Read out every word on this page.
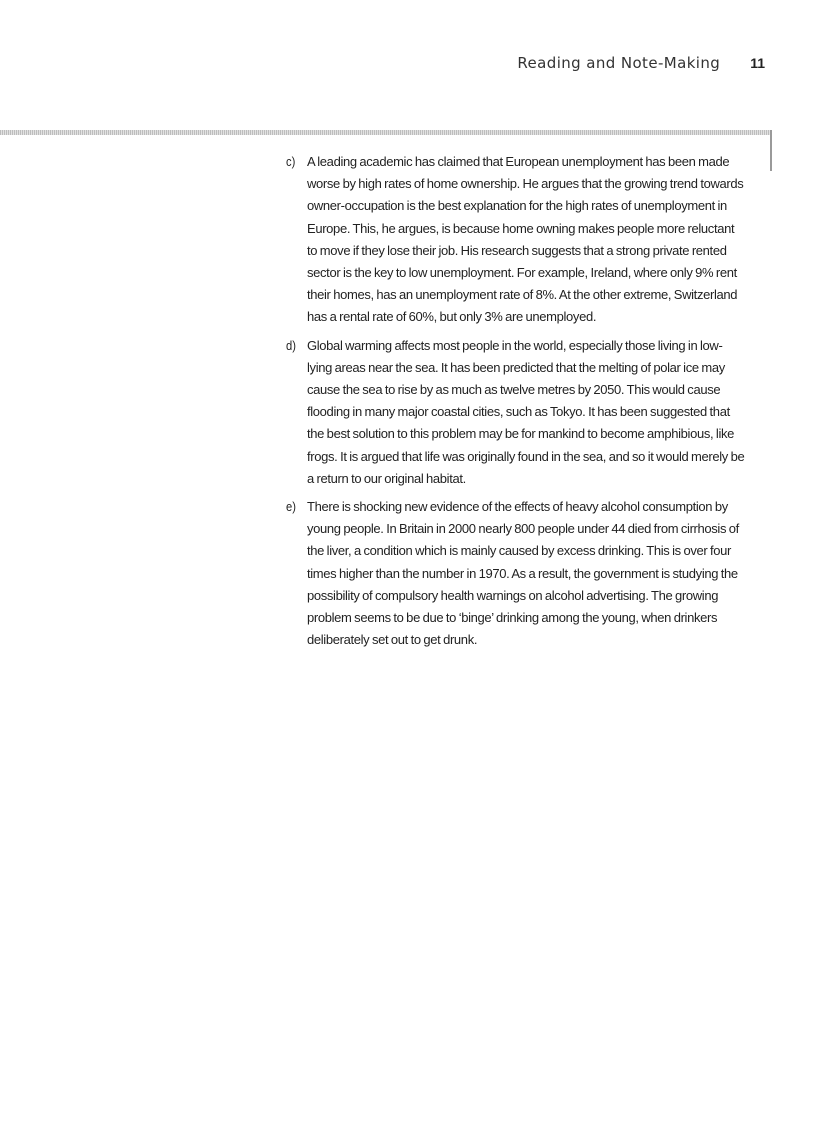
Reading and Note-Making 11
c) A leading academic has claimed that European unemployment has been made worse by high rates of home ownership. He argues that the growing trend towards owner-occupation is the best explanation for the high rates of unemployment in Europe. This, he argues, is because home owning makes people more reluctant to move if they lose their job. His research suggests that a strong private rented sector is the key to low unemployment. For example, Ireland, where only 9% rent their homes, has an unemployment rate of 8%. At the other extreme, Switzerland has a rental rate of 60%, but only 3% are unemployed.

d) Global warming affects most people in the world, especially those living in low-lying areas near the sea. It has been predicted that the melting of polar ice may cause the sea to rise by as much as twelve metres by 2050. This would cause flooding in many major coastal cities, such as Tokyo. It has been suggested that the best solution to this problem may be for mankind to become amphibious, like frogs. It is argued that life was originally found in the sea, and so it would merely be a return to our original habitat.

e) There is shocking new evidence of the effects of heavy alcohol consumption by young people. In Britain in 2000 nearly 800 people under 44 died from cirrhosis of the liver, a condition which is mainly caused by excess drinking. This is over four times higher than the number in 1970. As a result, the government is studying the possibility of compulsory health warnings on alcohol advertising. The growing problem seems to be due to ‘binge’ drinking among the young, when drinkers deliberately set out to get drunk.
